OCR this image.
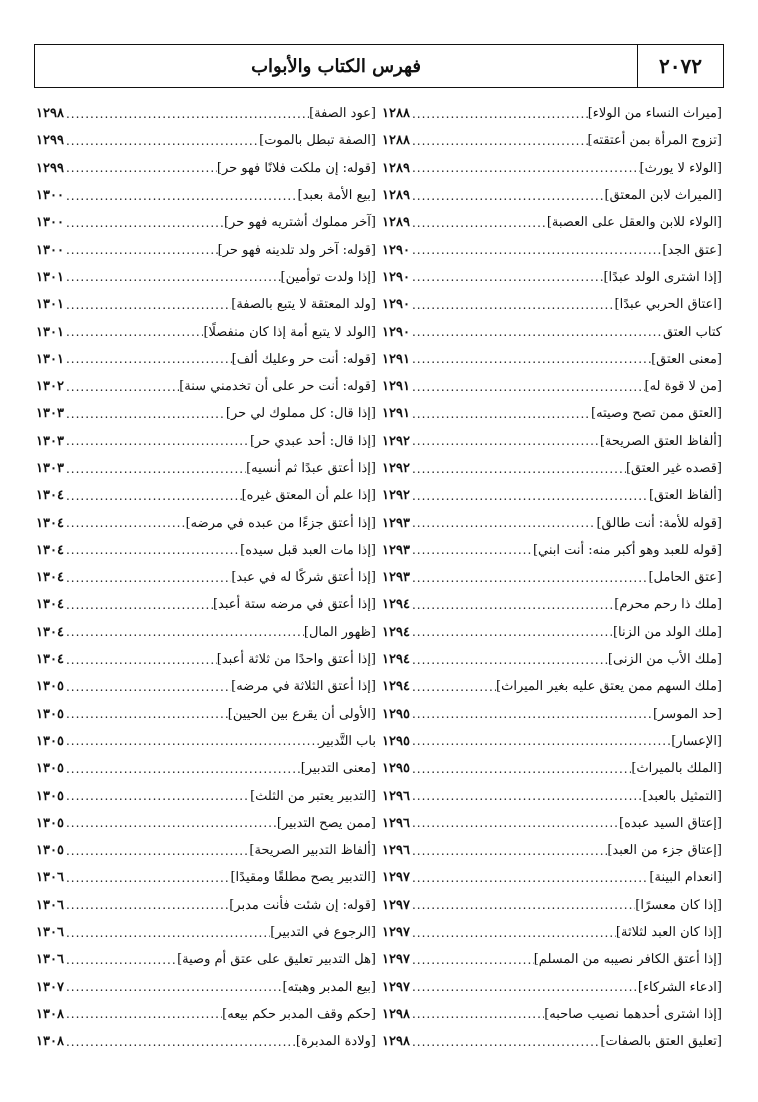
٢٠٧٢
فهرس الكتاب والأبواب
[ميراث النساء من الولاء]
.....
١٢٨٨
[تزوج المرأة بمن أعتقته]
.....
١٢٨٨
[الولاء لا يورث]
.....
١٢٨٩
[الميراث لابن المعتق]
.....
١٢٨٩
[الولاء للابن والعقل على العصبة]
.....
١٢٨٩
[عتق الجد]
.....
١٢٩٠
[إذا اشترى الولد عبدًا]
.....
١٢٩٠
[اعتاق الحربي عبدًا]
.....
١٢٩٠
كتاب العتق
.....
١٢٩٠
[معنى العتق]
.....
١٢٩١
[من لا قوة له]
.....
١٢٩١
[العتق ممن تصح وصيته]
.....
١٢٩١
[ألفاظ العتق الصريحة]
.....
١٢٩٢
[قصده غير العتق]
.....
١٢٩٢
[ألفاظ العتق]
.....
١٢٩٢
[قوله للأمة: أنت طالق]
.....
١٢٩٣
[قوله للعبد وهو أكبر منه: أنت ابني]
.....
١٢٩٣
[عتق الحامل]
.....
١٢٩٣
[ملك ذا رحم محرم]
.....
١٢٩٤
[ملك الولد من الزنا]
.....
١٢٩٤
[ملك الأب من الزنى]
.....
١٢٩٤
[ملك السهم ممن يعتق عليه بغير الميراث]
.....
١٢٩٤
[حد الموسر]
.....
١٢٩٥
[الإعسار]
.....
١٢٩٥
[الملك بالميراث]
.....
١٢٩٥
[التمثيل بالعبد]
.....
١٢٩٦
[إعتاق السيد عبده]
.....
١٢٩٦
[إعتاق جزء من العبد]
.....
١٢٩٦
[انعدام البينة]
.....
١٢٩٧
[إذا كان معسرًا]
.....
١٢٩٧
[إذا كان العبد لثلاثة]
.....
١٢٩٧
[إذا أعتق الكافر نصيبه من المسلم]
.....
١٢٩٧
[ادعاء الشركاء]
.....
١٢٩٧
[إذا اشترى أحدهما نصيب صاحبه]
.....
١٢٩٨
[تعليق العتق بالصفات]
.....
١٢٩٨
[عود الصفة]
.....
١٢٩٨
[الصفة تبطل بالموت]
.....
١٢٩٩
[قوله: إن ملكت فلانًا فهو حر]
.....
١٢٩٩
[بيع الأمة بعبد]
.....
١٣٠٠
[آخر مملوك أشتريه فهو حر]
.....
١٣٠٠
[قوله: آخر ولد تلدينه فهو حر]
.....
١٣٠٠
[إذا ولدت توأمين]
.....
١٣٠١
[ولد المعتقة لا يتبع بالصفة]
.....
١٣٠١
[الولد لا يتبع أمة إذا كان منفصلًا]
.....
١٣٠١
[قوله: أنت حر وعليك ألف]
.....
١٣٠١
[قوله: أنت حر على أن تخدمني سنة]
.....
١٣٠٢
[إذا قال: كل مملوك لي حر]
.....
١٣٠٣
[إذا قال: أحد عبدي حر]
.....
١٣٠٣
[إذا أعتق عبدًا ثم أنسيه]
.....
١٣٠٣
[إذا علم أن المعتق غيره]
.....
١٣٠٤
[إذا أعتق جزءًا من عبده في مرضه]
.....
١٣٠٤
[إذا مات العبد قبل سيده]
.....
١٣٠٤
[إذا أعتق شركًا له في عبد]
.....
١٣٠٤
[إذا أعتق في مرضه ستة أعبد]
.....
١٣٠٤
[ظهور المال]
.....
١٣٠٤
[إذا أعتق واحدًا من ثلاثة أعبد]
.....
١٣٠٤
[إذا أعتق الثلاثة في مرضه]
.....
١٣٠٥
[الأولى أن يقرع بين الحيين]
.....
١٣٠٥
باب التَّدبير
.....
١٣٠٥
[معنى التدبير]
.....
١٣٠٥
[التدبير يعتبر من الثلث]
.....
١٣٠٥
[ممن يصح التدبير]
.....
١٣٠٥
[ألفاظ التدبير الصريحة]
.....
١٣٠٥
[التدبير يصح مطلقًا ومقيدًا]
.....
١٣٠٦
[قوله: إن شئت فأنت مدبر]
.....
١٣٠٦
[الرجوع في التدبير]
.....
١٣٠٦
[هل التدبير تعليق على عتق أم وصية]
.....
١٣٠٦
[بيع المدبر وهبته]
.....
١٣٠٧
[حكم وقف المدبر حكم بيعه]
.....
١٣٠٨
[ولادة المدبرة]
.....
١٣٠٨
